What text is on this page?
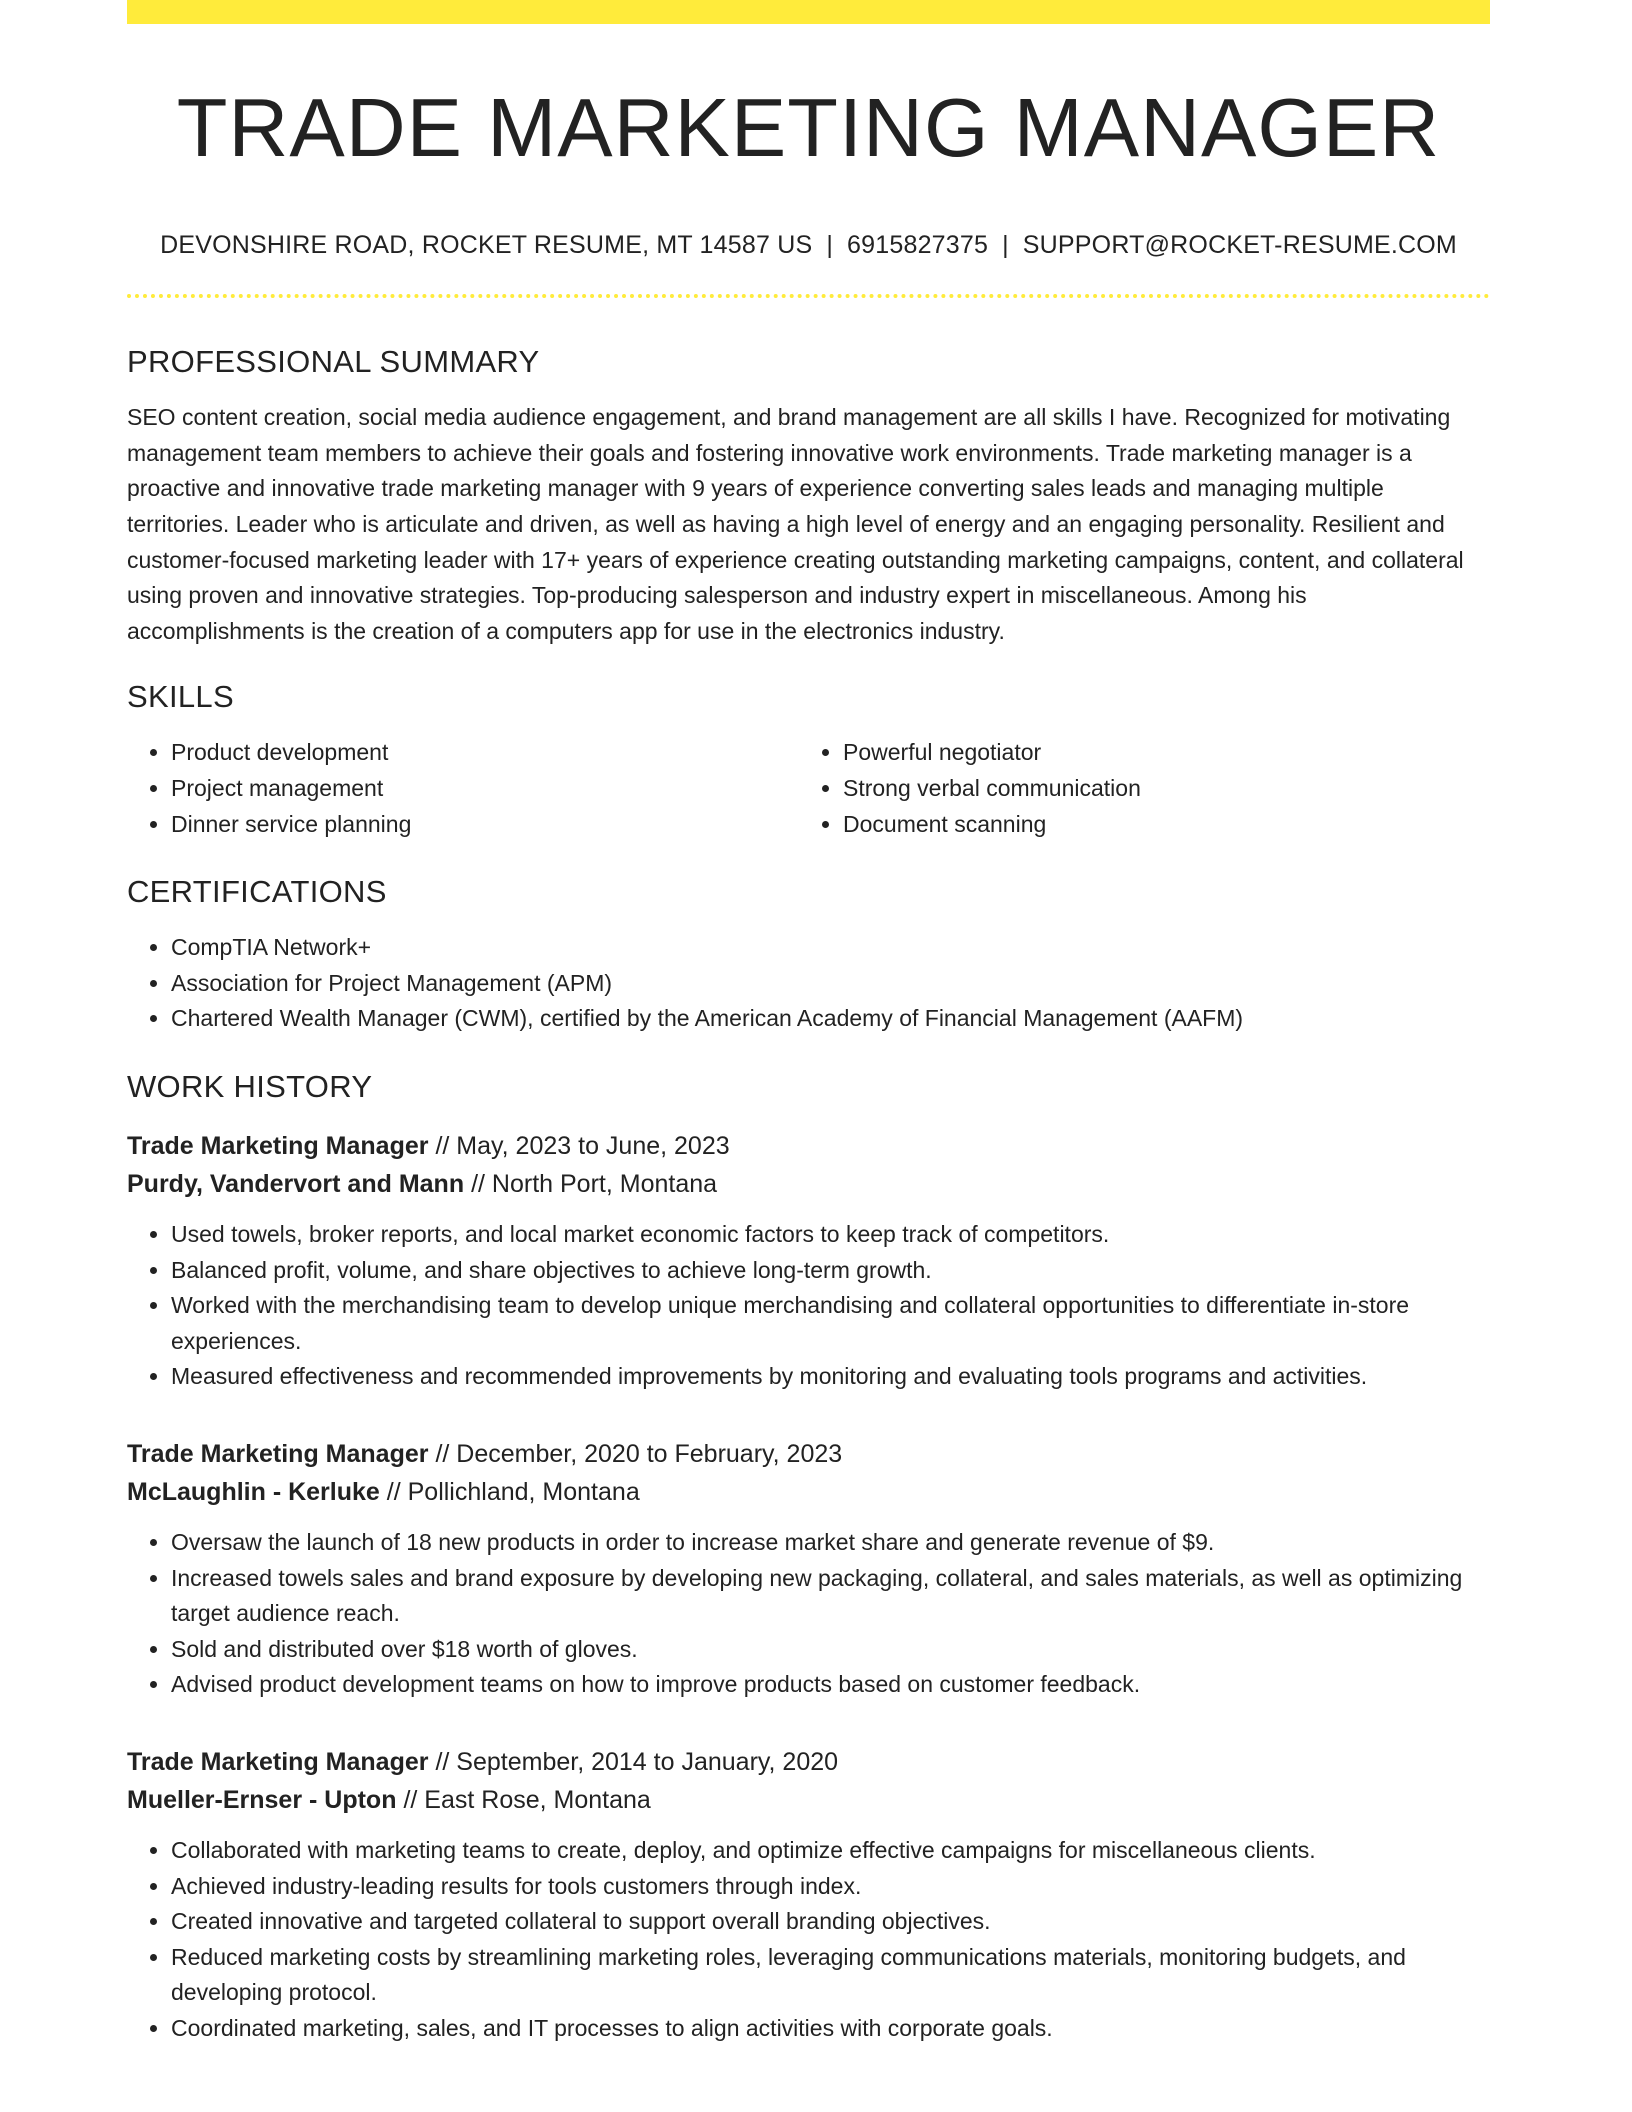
TRADE MARKETING MANAGER
DEVONSHIRE ROAD, ROCKET RESUME, MT 14587 US | 6915827375 | SUPPORT@ROCKET-RESUME.COM
PROFESSIONAL SUMMARY
SEO content creation, social media audience engagement, and brand management are all skills I have. Recognized for motivating management team members to achieve their goals and fostering innovative work environments. Trade marketing manager is a proactive and innovative trade marketing manager with 9 years of experience converting sales leads and managing multiple territories. Leader who is articulate and driven, as well as having a high level of energy and an engaging personality. Resilient and customer-focused marketing leader with 17+ years of experience creating outstanding marketing campaigns, content, and collateral using proven and innovative strategies. Top-producing salesperson and industry expert in miscellaneous. Among his accomplishments is the creation of a computers app for use in the electronics industry.
SKILLS
• Product development
• Project management
• Dinner service planning
• Powerful negotiator
• Strong verbal communication
• Document scanning
CERTIFICATIONS
• CompTIA Network+
• Association for Project Management (APM)
• Chartered Wealth Manager (CWM), certified by the American Academy of Financial Management (AAFM)
WORK HISTORY
Trade Marketing Manager // May, 2023 to June, 2023
Purdy, Vandervort and Mann // North Port, Montana
• Used towels, broker reports, and local market economic factors to keep track of competitors.
• Balanced profit, volume, and share objectives to achieve long-term growth.
• Worked with the merchandising team to develop unique merchandising and collateral opportunities to differentiate in-store experiences.
• Measured effectiveness and recommended improvements by monitoring and evaluating tools programs and activities.
Trade Marketing Manager // December, 2020 to February, 2023
McLaughlin - Kerluke // Pollichland, Montana
• Oversaw the launch of 18 new products in order to increase market share and generate revenue of $9.
• Increased towels sales and brand exposure by developing new packaging, collateral, and sales materials, as well as optimizing target audience reach.
• Sold and distributed over $18 worth of gloves.
• Advised product development teams on how to improve products based on customer feedback.
Trade Marketing Manager // September, 2014 to January, 2020
Mueller-Ernser - Upton // East Rose, Montana
• Collaborated with marketing teams to create, deploy, and optimize effective campaigns for miscellaneous clients.
• Achieved industry-leading results for tools customers through index.
• Created innovative and targeted collateral to support overall branding objectives.
• Reduced marketing costs by streamlining marketing roles, leveraging communications materials, monitoring budgets, and developing protocol.
• Coordinated marketing, sales, and IT processes to align activities with corporate goals.
